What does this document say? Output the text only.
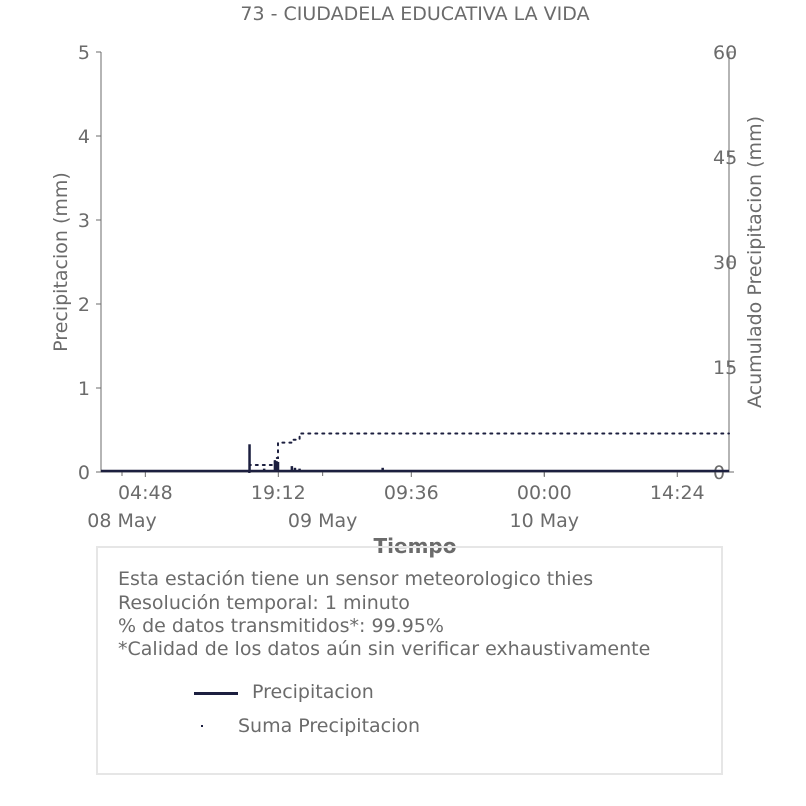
73 - CIUDADELA EDUCATIVA LA VIDA
0
1
2
3
4
5
0
15
30
45
60
04:48	19:12	09:36	00:00	14:24
08 May	09 May	10 May
Tiempo
Precipitacion (mm)	Acumulado Precipitacion (mm)
Esta estación tiene un sensor meteorologico thies
Resolución temporal: 1 minuto
% de datos transmitidos*: 99.95%
*Calidad de los datos aún sin verificar exhaustivamente
Precipitacion
Suma Precipitacion
